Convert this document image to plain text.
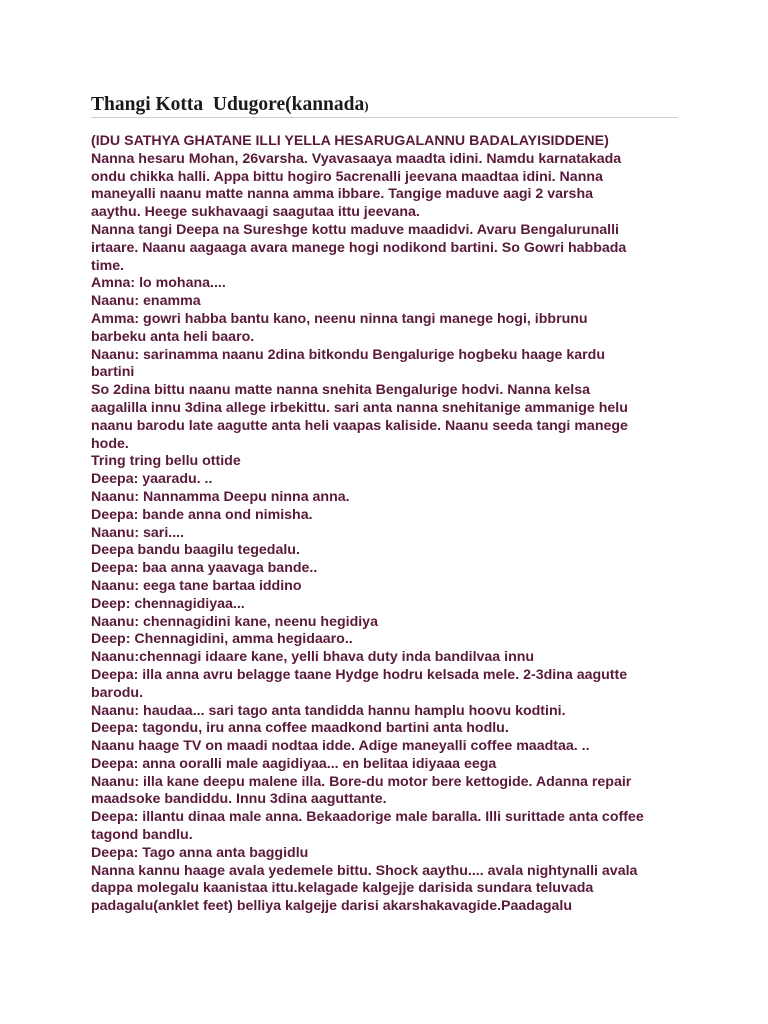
Thangi Kotta  Udugore(kannada)
(IDU SATHYA GHATANE ILLI YELLA HESARUGALANNU BADALAYISIDDENE)
Nanna hesaru Mohan, 26varsha. Vyavasaaya maadta idini. Namdu karnatakada
ondu chikka halli. Appa bittu hogiro 5acrenalli jeevana maadtaa idini. Nanna
maneyalli naanu matte nanna amma ibbare. Tangige maduve aagi 2 varsha
aaythu. Heege sukhavaagi saagutaa ittu jeevana.
Nanna tangi Deepa na Sureshge kottu maduve maadidvi. Avaru Bengalurunalli
irtaare. Naanu aagaaga avara manege hogi nodikond bartini. So Gowri habbada
time.
Amna: lo mohana....
Naanu: enamma
Amma: gowri habba bantu kano, neenu ninna tangi manege hogi, ibbrunu
barbeku anta heli baaro.
Naanu: sarinamma naanu 2dina bitkondu Bengalurige hogbeku haage kardu
bartini
So 2dina bittu naanu matte nanna snehita Bengalurige hodvi. Nanna kelsa
aagalilla innu 3dina allege irbekittu. sari anta nanna snehitanige ammanige helu
naanu barodu late aagutte anta heli vaapas kaliside. Naanu seeda tangi manege
hode.
Tring tring bellu ottide
Deepa: yaaradu. ..
Naanu: Nannamma Deepu ninna anna.
Deepa: bande anna ond nimisha.
Naanu: sari....
Deepa bandu baagilu tegedalu.
Deepa: baa anna yaavaga bande..
Naanu: eega tane bartaa iddino
Deep: chennagidiyaa...
Naanu: chennagidini kane, neenu hegidiya
Deep: Chennagidini, amma hegidaaro..
Naanu:chennagi idaare kane, yelli bhava duty inda bandilvaa innu
Deepa: illa anna avru belagge taane Hydge hodru kelsada mele. 2-3dina aagutte
barodu.
Naanu: haudaa... sari tago anta tandidda hannu hamplu hoovu kodtini.
Deepa: tagondu, iru anna coffee maadkond bartini anta hodlu.
Naanu haage TV on maadi nodtaa idde. Adige maneyalli coffee maadtaa. ..
Deepa: anna ooralli male aagidiyaa... en belitaa idiyaaa eega
Naanu: illa kane deepu malene illa. Bore-du motor bere kettogide. Adanna repair
maadsoke bandiddu. Innu 3dina aaguttante.
Deepa: illantu dinaa male anna. Bekaadorige male baralla. Illi surittade anta coffee
tagond bandlu.
Deepa: Tago anna anta baggidlu
Nanna kannu haage avala yedemele bittu. Shock aaythu.... avala nightynalli avala
dappa molegalu kaanistaa ittu.kelagade kalgejje darisida sundara teluvada
padagalu(anklet feet) belliya kalgejje darisi akarshakavagide.Paadagalu
